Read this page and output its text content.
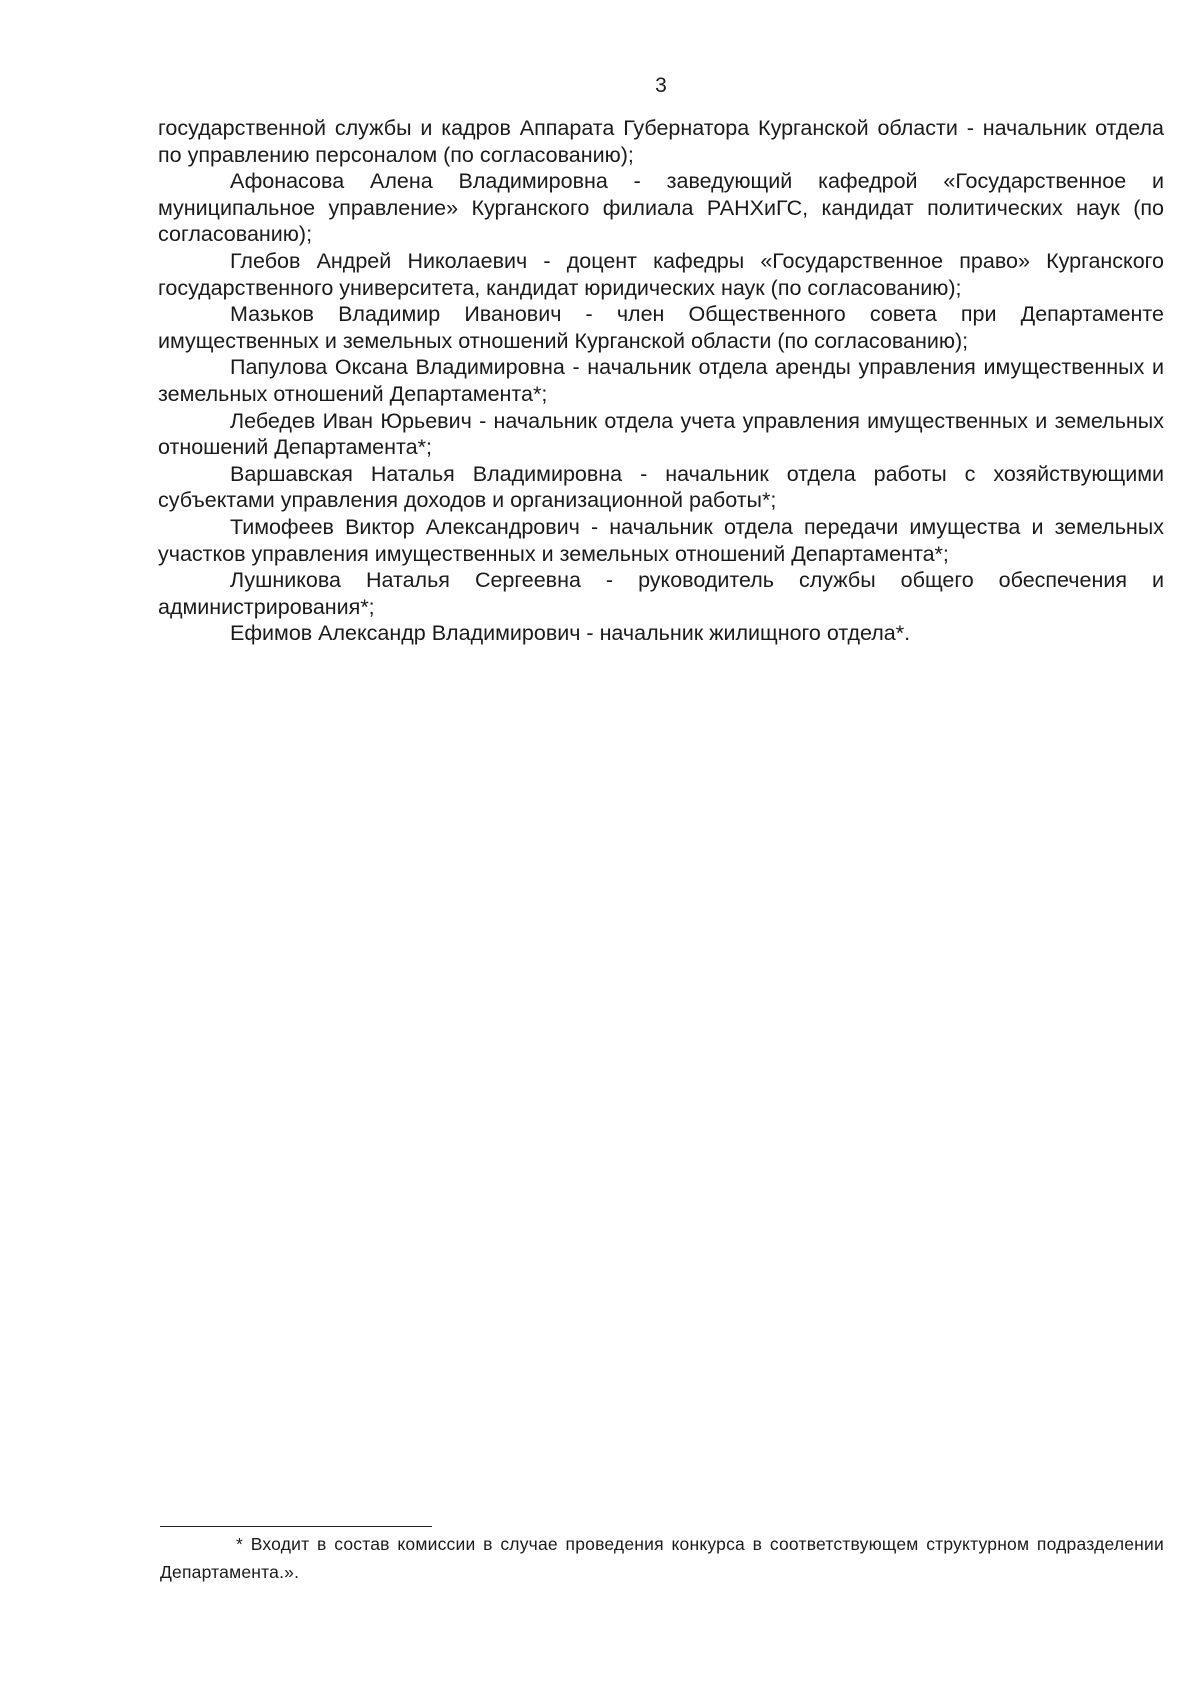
3

государственной службы и кадров Аппарата Губернатора Курганской области - начальник отдела по управлению персоналом (по согласованию);

Афонасова Алена Владимировна - заведующий кафедрой «Государственное и муниципальное управление» Курганского филиала РАНХиГС, кандидат политических наук (по согласованию);

Глебов Андрей Николаевич - доцент кафедры «Государственное право» Курганского государственного университета, кандидат юридических наук (по согласованию);

Мазьков Владимир Иванович - член Общественного совета при Департаменте имущественных и земельных отношений Курганской области (по согласованию);

Папулова Оксана Владимировна - начальник отдела аренды управления имущественных и земельных отношений Департамента*;

Лебедев Иван Юрьевич - начальник отдела учета управления имущественных и земельных отношений Департамента*;

Варшавская Наталья Владимировна - начальник отдела работы с хозяйствующими субъектами управления доходов и организационной работы*;

Тимофеев Виктор Александрович - начальник отдела передачи имущества и земельных участков управления имущественных и земельных отношений Департамента*;

Лушникова Наталья Сергеевна - руководитель службы общего обеспечения и администрирования*;

Ефимов Александр Владимирович - начальник жилищного отдела*.

* Входит в состав комиссии в случае проведения конкурса в соответствующем структурном подразделении Департамента.».
